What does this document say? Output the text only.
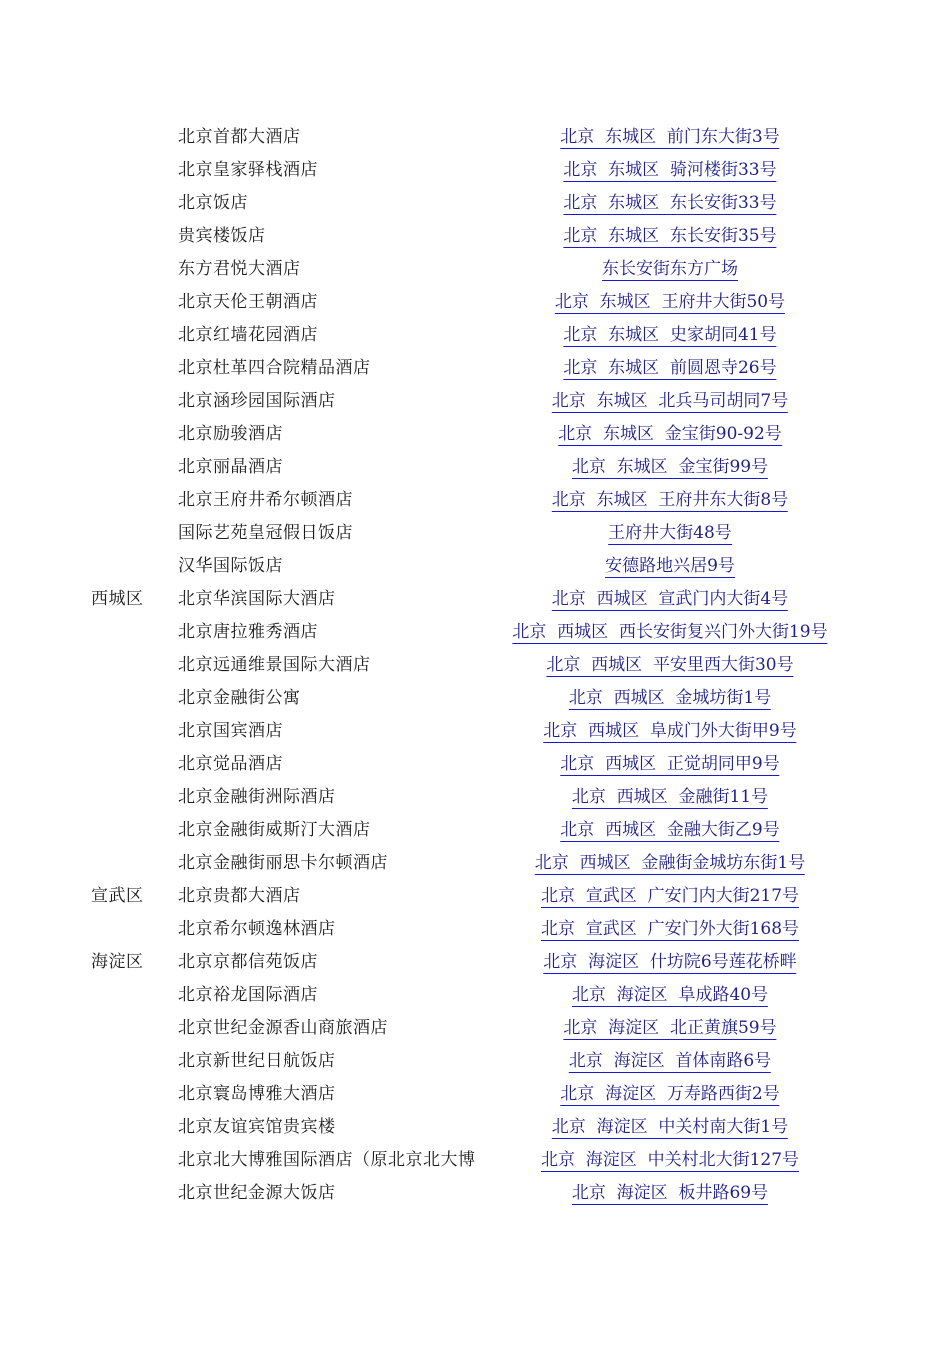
北京首都大酒店	北京  东城区  前门东大街3号
北京皇家驿栈酒店	北京  东城区  骑河楼街33号
北京饭店	北京  东城区  东长安街33号
贵宾楼饭店	北京  东城区  东长安街35号
东方君悦大酒店	东长安街东方广场
北京天伦王朝酒店	北京  东城区  王府井大街50号
北京红墙花园酒店	北京  东城区  史家胡同41号
北京杜革四合院精品酒店	北京  东城区  前圆恩寺26号
北京涵珍园国际酒店	北京  东城区  北兵马司胡同7号
北京励骏酒店	北京  东城区  金宝街90-92号
北京丽晶酒店	北京  东城区  金宝街99号
北京王府井希尔顿酒店	北京  东城区  王府井东大街8号
国际艺苑皇冠假日饭店	王府井大街48号
汉华国际饭店	安德路地兴居9号
西城区 北京华滨国际大酒店	北京  西城区  宣武门内大街4号
北京唐拉雅秀酒店	北京  西城区  西长安街复兴门外大街19号
北京远通维景国际大酒店	北京  西城区  平安里西大街30号
北京金融街公寓	北京  西城区  金城坊街1号
北京国宾酒店	北京  西城区  阜成门外大街甲9号
北京觉品酒店	北京  西城区  正觉胡同甲9号
北京金融街洲际酒店	北京  西城区  金融街11号
北京金融街威斯汀大酒店	北京  西城区  金融大街乙9号
北京金融街丽思卡尔顿酒店	北京  西城区  金融街金城坊东街1号
宣武区 北京贵都大酒店	北京  宣武区  广安门内大街217号
北京希尔顿逸林酒店	北京  宣武区  广安门外大街168号
海淀区 北京京都信苑饭店	北京  海淀区  什坊院6号莲花桥畔
北京裕龙国际酒店	北京  海淀区  阜成路40号
北京世纪金源香山商旅酒店	北京  海淀区  北正黄旗59号
北京新世纪日航饭店	北京  海淀区  首体南路6号
北京寰岛博雅大酒店	北京  海淀区  万寿路西街2号
北京友谊宾馆贵宾楼	北京  海淀区  中关村南大街1号
北京北大博雅国际酒店（原北京北大博	北京  海淀区  中关村北大街127号
北京世纪金源大饭店	北京  海淀区  板井路69号
